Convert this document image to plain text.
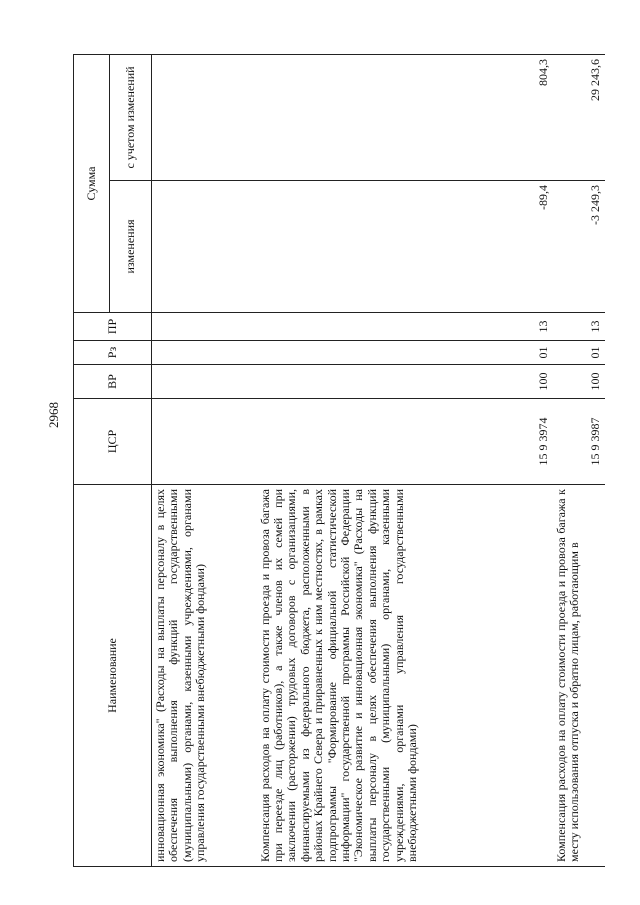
2968
Наименование	ЦСР	ВР	Рз	ПР	Сумма	
					изменения	с учетом изменений
инновационная экономика" (Расходы на выплаты персоналу в целях обеспечения выполнения функций государственными (муниципальными) органами, казенными учреждениями, органами управления государственными внебюджетными фондами)						
Компенсация расходов на оплату стоимости проезда и провоза багажа при переезде лиц (работников), а также членов их семей при заключении (расторжении) трудовых договоров с организациями, финансируемыми из федерального бюджета, расположенными в районах Крайнего Севера и приравненных к ним местностях, в рамках подпрограммы "Формирование официальной статистической информации" государственной программы Российской Федерации "Экономическое развитие и инновационная экономика" (Расходы на выплаты персоналу в целях обеспечения выполнения функций государственными (муниципальными) органами, казенными учреждениями, органами управления государственными внебюджетными фондами)	15 9 3974	100	01	13	-89,4	804,3
Компенсация расходов на оплату стоимости проезда и провоза багажа к месту использования отпуска и обратно лицам, работающим в	15 9 3987	100	01	13	-3 249,3	29 243,6
